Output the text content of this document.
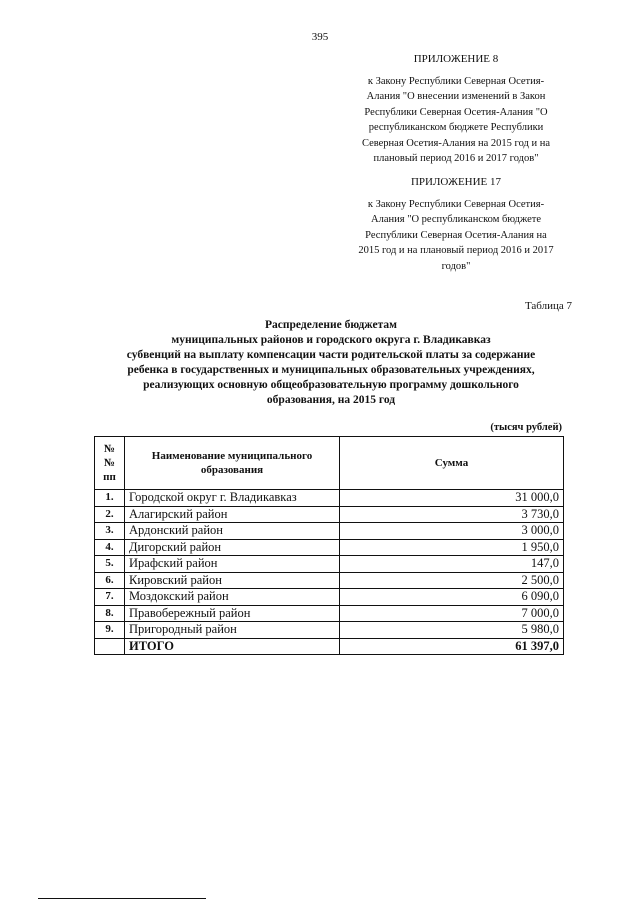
395
ПРИЛОЖЕНИЕ 8
к Закону Республики Северная Осетия-
Алания "О внесении изменений в Закон
Республики Северная Осетия-Алания "О
республиканском бюджете Республики
Северная Осетия-Алания на 2015 год и на
плановый период 2016 и 2017 годов"
ПРИЛОЖЕНИЕ 17
к Закону Республики Северная Осетия-
Алания "О республиканском бюджете
Республики Северная Осетия-Алания на
2015 год и на плановый период 2016 и 2017
годов"
Таблица 7
Распределение бюджетам
муниципальных районов и городского округа г. Владикавказ
субвенций на выплату компенсации части родительской платы за содержание
ребенка в государственных и муниципальных образовательных учреждениях,
реализующих основную общеобразовательную программу дошкольного
образования, на 2015 год
(тысяч рублей)
№№ пп	Наименование муниципального образования	Сумма
1.	Городской округ г. Владикавказ	31 000,0
2.	Алагирский район	3 730,0
3.	Ардонский район	3 000,0
4.	Дигорский район	1 950,0
5.	Ирафский район	147,0
6.	Кировский район	2 500,0
7.	Моздокский район	6 090,0
8.	Правобережный район	7 000,0
9.	Пригородный район	5 980,0
	ИТОГО	61 397,0
